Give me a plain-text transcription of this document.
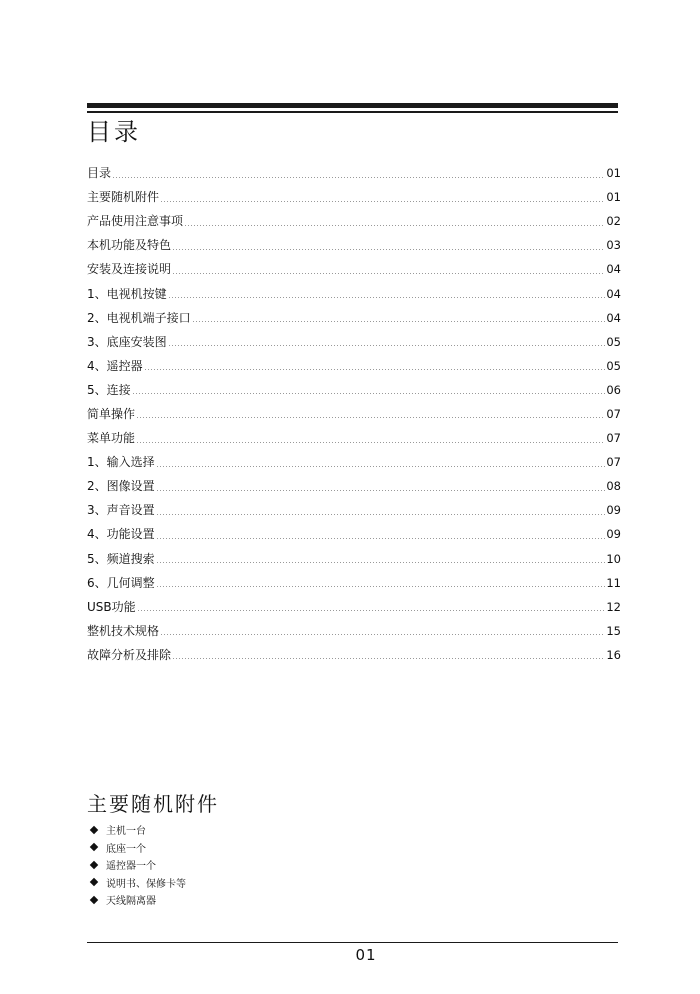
目录
目录	01
主要随机附件	01
产品使用注意事项	02
本机功能及特色	03
安装及连接说明	04
1、电视机按键	04
2、电视机端子接口	04
3、底座安装图	05
4、遥控器	05
5、连接	06
简单操作	07
菜单功能	07
1、输入选择	07
2、图像设置	08
3、声音设置	09
4、功能设置	09
5、频道搜索	10
6、几何调整	11
USB功能	12
整机技术规格	15
故障分析及排除	16
主要随机附件
主机一台
底座一个
遥控器一个
说明书、保修卡等
天线隔离器
01
